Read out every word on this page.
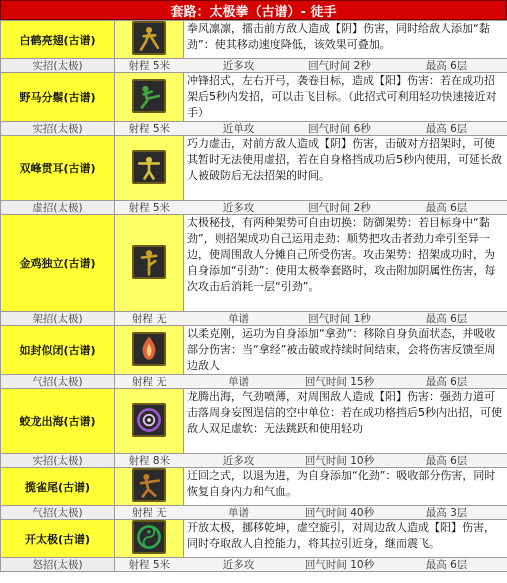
套路：太极拳（古谱）- 徒手
白鹤亮翅(古谱)		拳风凛凛，擂击前方敌人造成【阴】伤害，同时给敌人添加“黏劲”：使其移动速度降低，该效果可叠加。		
实招(太极)	射程 5米	近多攻	回气时间 2秒	最高 6层
野马分鬃(古谱)		冲锋招式，左右开弓，袭卷目标，造成【阳】伤害：若在成功招架后5秒内发招，可以击飞目标。（此招式可利用轻功快速接近对手）		
实招(太极)	射程 5米	近单攻	回气时间 6秒	最高 6层
双峰贯耳(古谱)		巧力虚击，对前方敌人造成【阴】伤害，击破对方招架时，可使其暂时无法使用虚招，若在自身格挡成功后5秒内使用，可延长敌人被破防后无法招架的时间。		
虚招(太极)	射程 5米	近多攻	回气时间 2秒	最高 6层
金鸡独立(古谱)		太极秘技，有两种架势可自由切换：防御架势：若目标身中“黏劲”，则招架成功自己运用走劲：顺势把攻击者劲力牵引至异一边，使周围敌人分摊自己所受伤害。攻击架势：招架成功时，为自身添加“引劲”：使用太极拳套路时，攻击附加阴属性伤害，每次攻击后消耗一层“引劲”。		
架招(太极)	射程 无	单谱	回气时间 1秒	最高 6层
如封似闭(古谱)		以柔克刚，运功为自身添加“拿劲”：移除自身负面状态，并吸收部分伤害：当“拿经”被击破或持续时间结束，会将伤害反馈至周边敌人		
气招(太极)	射程 无	单谱	回气时间 15秒	最高 6层
蛟龙出海(古谱)		龙腾出海，气劲喷薄，对周围敌人造成【阳】伤害：强劲力道可击落周身妄图逞信的空中单位：若在成功格挡后5秒内出招，可使敌人双足虚软：无法跳跃和使用轻功		
实招(太极)	射程 8米	近多攻	回气时间 10秒	最高 6层
揽雀尾(古谱)		迂回之式，以退为进，为自身添加“化劲”：吸收部分伤害，同时恢复自身内力和气血。		
气招(太极)	射程 无	单谱	回气时间 40秒	最高 3层
开太极(古谱)		开放太极，挪移乾坤，虚空旋引，对周边敌人造成【阳】伤害，同时夺取敌人自控能力，将其拉引近身，继而震飞。		
怒招(太极)	射程 5米	近多攻	回气时间 10秒	最高 6层
